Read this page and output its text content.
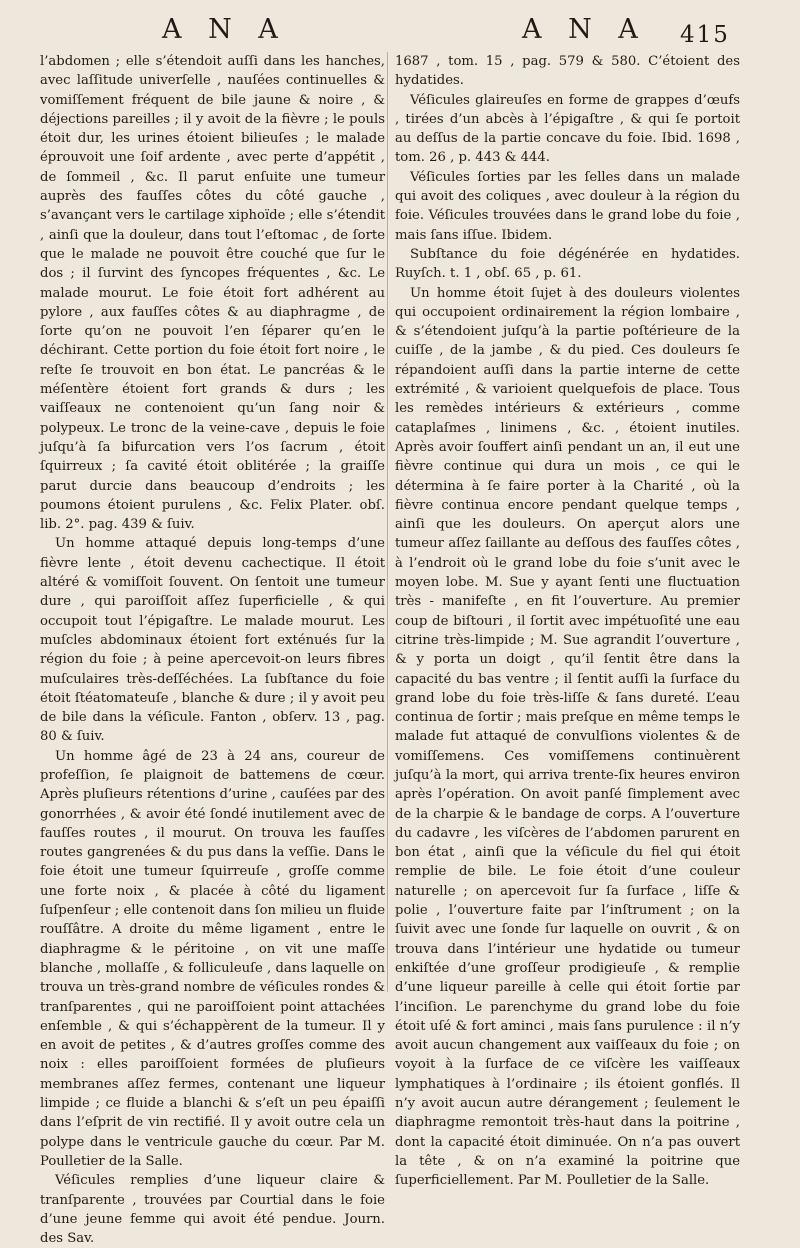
A N A	A N A 415

l’abdomen ; elle s’étendoit auſſi dans les hanches, avec laſſitude univerſelle , nauſées continuelles & vomiſſement fréquent de bile jaune & noire , & déjections pareilles ; il y avoit de la fièvre ; le pouls étoit dur, les urines étoient bilieuſes ; le malade éprouvoit une ſoif ardente , avec perte d’appétit , de ſommeil , &c. Il parut enſuite une tumeur auprès des fauſſes côtes du côté gauche , s’avançant vers le cartilage xiphoïde ; elle s’étendit , ainſi que la douleur, dans tout l’eſtomac , de ſorte que le malade ne pouvoit être couché que ſur le dos ; il ſurvint des ſyncopes fréquentes , &c. Le malade mourut. Le foie étoit fort adhérent au pylore , aux fauſſes côtes & au diaphragme , de ſorte qu’on ne pouvoit l’en ſéparer qu’en le déchirant. Cette portion du foie étoit fort noire , le reſte ſe trouvoit en bon état. Le pancréas & le méſentère étoient fort grands & durs ; les vaiſſeaux ne contenoient qu’un ſang noir & polypeux. Le tronc de la veine-cave , depuis le foie juſqu’à ſa bifurcation vers l’os ſacrum , étoit ſquirreux ; ſa cavité étoit oblitérée ; la graiſſe parut durcie dans beaucoup d’endroits ; les poumons étoient purulens , &c. Felix Plater. obſ. lib. 2°. pag. 439 & ſuiv.

Un homme attaqué depuis long-temps d’une fièvre lente , étoit devenu cachectique. Il étoit altéré & vomiſſoit ſouvent. On ſentoit une tumeur dure , qui paroiſſoit aſſez ſuperficielle , & qui occupoit tout l’épigaſtre. Le malade mourut. Les muſcles abdominaux étoient fort exténués ſur la région du foie ; à peine apercevoit-on leurs fibres muſculaires très-deſſéchées. La ſubſtance du foie étoit ſtéatomateuſe , blanche & dure ; il y avoit peu de bile dans la véſicule. Fanton , obſerv. 13 , pag. 80 & ſuiv.

Un homme âgé de 23 à 24 ans, coureur de profeſſion, ſe plaignoit de battemens de cœur. Après pluſieurs rétentions d’urine , cauſées par des gonorrhées , & avoir été ſondé inutilement avec de fauſſes routes , il mourut. On trouva les fauſſes routes gangrenées & du pus dans la veſſie. Dans le foie étoit une tumeur ſquirreuſe , groſſe comme une forte noix , & placée à côté du ligament ſuſpenſeur ; elle contenoit dans ſon milieu un fluide rouſſâtre. A droite du même ligament , entre le diaphragme & le péritoine , on vit une maſſe blanche , mollaſſe , & folliculeuſe , dans laquelle on trouva un très-grand nombre de véſicules rondes & tranſparentes , qui ne paroiſſoient point attachées enſemble , & qui s’échappèrent de la tumeur. Il y en avoit de petites , & d’autres groſſes comme des noix : elles paroiſſoient formées de pluſieurs membranes aſſez fermes, contenant une liqueur limpide ; ce fluide a blanchi & s’eſt un peu épaiſſi dans l’eſprit de vin rectifié. Il y avoit outre cela un polype dans le ventricule gauche du cœur. Par M. Poulletier de la Salle.

Véſicules remplies d’une liqueur claire & tranſparente , trouvées par Courtial dans le foie d’une jeune femme qui avoit été pendue. Journ. des Sav.

1687 , tom. 15 , pag. 579 & 580. C’étoient des hydatides.

Véſicules glaireuſes en forme de grappes d’œufs , tirées d’un abcès à l’épigaſtre , & qui ſe portoit au deſſus de la partie concave du foie. Ibid. 1698 , tom. 26 , p. 443 & 444.

Véſicules ſorties par les ſelles dans un malade qui avoit des coliques , avec douleur à la région du foie. Véſicules trouvées dans le grand lobe du foie , mais ſans iſſue. Ibidem.

Subſtance du foie dégénérée en hydatides. Ruyſch. t. 1 , obſ. 65 , p. 61.

Un homme étoit ſujet à des douleurs violentes qui occupoient ordinairement la région lombaire , & s’étendoient juſqu’à la partie poſtérieure de la cuiſſe , de la jambe , & du pied. Ces douleurs ſe répandoient auſſi dans la partie interne de cette extrémité , & varioient quelquefois de place. Tous les remèdes intérieurs & extérieurs , comme cataplaſmes , linimens , &c. , étoient inutiles. Après avoir ſouffert ainſi pendant un an, il eut une fièvre continue qui dura un mois , ce qui le détermina à ſe faire porter à la Charité , où la fièvre continua encore pendant quelque temps , ainſi que les douleurs. On aperçut alors une tumeur aſſez ſaillante au deſſous des fauſſes côtes , à l’endroit où le grand lobe du foie s’unit avec le moyen lobe. M. Sue y ayant ſenti une fluctuation très - manifeſte , en fit l’ouverture. Au premier coup de biſtouri , il ſortit avec impétuoſité une eau citrine très-limpide ; M. Sue agrandit l’ouverture , & y porta un doigt , qu’il ſentit être dans la capacité du bas ventre ; il ſentit auſſi la ſurface du grand lobe du foie très-liſſe & ſans dureté. L’eau continua de ſortir ; mais preſque en même temps le malade fut attaqué de convulſions violentes & de vomiſſemens. Ces vomiſſemens continuèrent juſqu’à la mort, qui arriva trente-ſix heures environ après l’opération. On avoit panſé ſimplement avec de la charpie & le bandage de corps. A l’ouverture du cadavre , les viſcères de l’abdomen parurent en bon état , ainſi que la véſicule du fiel qui étoit remplie de bile. Le foie étoit d’une couleur naturelle ; on apercevoit ſur ſa ſurface , liſſe & polie , l’ouverture faite par l’inſtrument ; on la ſuivit avec une ſonde ſur laquelle on ouvrit , & on trouva dans l’intérieur une hydatide ou tumeur enkiſtée d’une groſſeur prodigieuſe , & remplie d’une liqueur pareille à celle qui étoit ſortie par l’inciſion. Le parenchyme du grand lobe du foie étoit uſé & fort aminci , mais ſans purulence : il n’y avoit aucun changement aux vaiſſeaux du foie ; on voyoit à la ſurface de ce viſcère les vaiſſeaux lymphatiques à l’ordinaire ; ils étoient gonflés. Il n’y avoit aucun autre dérangement ; ſeulement le diaphragme remontoit très-haut dans la poitrine , dont la capacité étoit diminuée. On n’a pas ouvert la tête , & on n’a examiné la poitrine que ſuperficiellement. Par M. Poulletier de la Salle.
